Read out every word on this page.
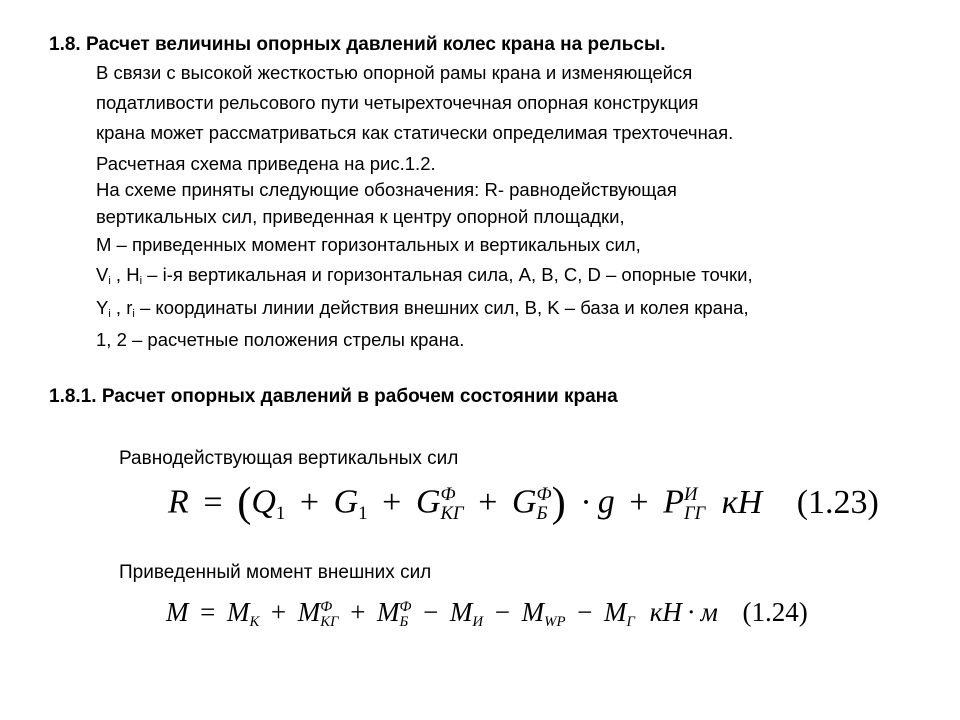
1.8. Расчет величины опорных давлений колес крана на рельсы.
В связи с высокой жесткостью опорной рамы крана и изменяющейся
податливости рельсового пути четырехточечная опорная конструкция
крана может рассматриваться как статически определимая трехточечная.
Расчетная схема приведена на рис.1.2.
На схеме приняты следующие обозначения: R- равнодействующая
вертикальных сил, приведенная к центру опорной площадки,
M – приведенных момент горизонтальных и вертикальных сил,
$V_i$ , $H_i - i-я$ вертикальная и горизонтальная сила, A, B, C, D – опорные точки,
$Y_i$ , $r_i$ – координаты линии действия внешних сил, B, K – база и колея крана,
1, 2 – расчетные положения стрелы крана.
1.8.1. Расчет опорных давлений в рабочем состоянии крана
Равнодействующая вертикальных сил
R = (Q1 + G1 + G Ф
КГ + G Ф
Б ) · g + P И
ГГ кН (1.23)
Приведенный момент внешних сил
M = MК + M Ф
КГ + M Ф
Б − MИ − MWP − MГ кН · м (1.24)
